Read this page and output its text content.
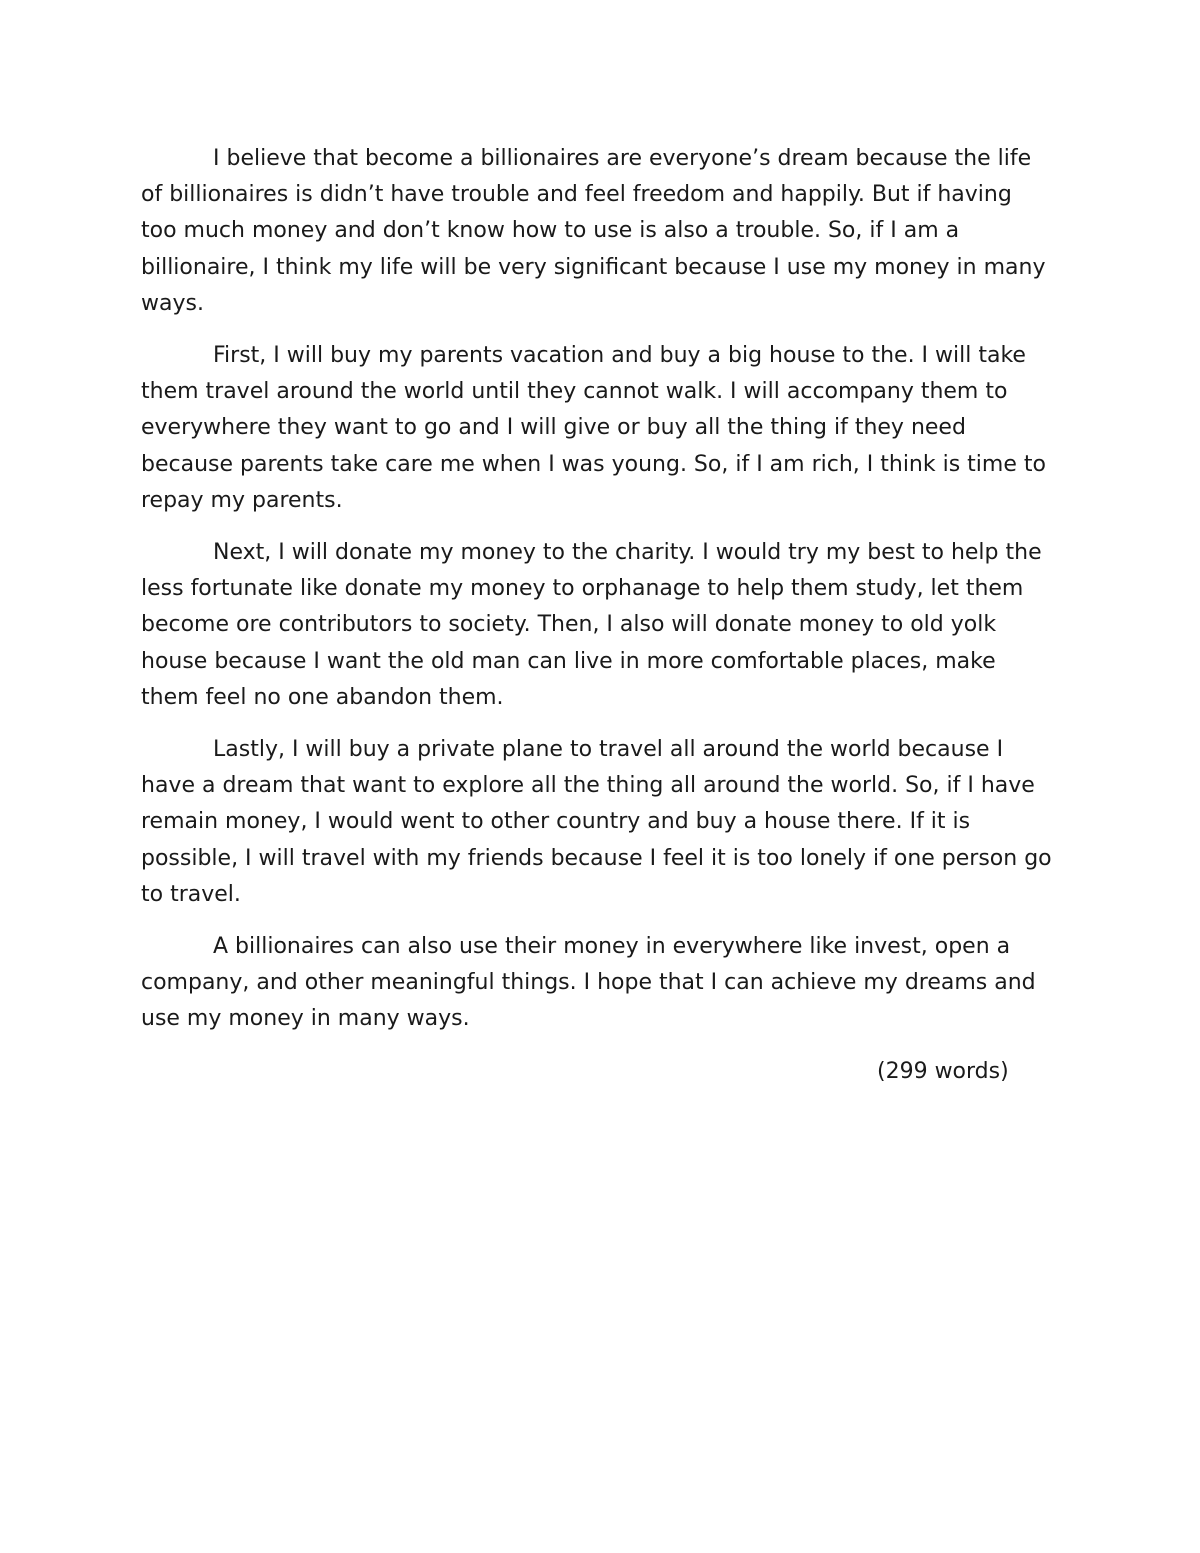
I believe that become a billionaires are everyone’s dream because the life
of billionaires is didn’t have trouble and feel freedom and happily. But if having
too much money and don’t know how to use is also a trouble. So, if I am a
billionaire, I think my life will be very significant because I use my money in many
ways.

First, I will buy my parents vacation and buy a big house to the. I will take
them travel around the world until they cannot walk. I will accompany them to
everywhere they want to go and I will give or buy all the thing if they need
because parents take care me when I was young. So, if I am rich, I think is time to
repay my parents.

Next, I will donate my money to the charity. I would try my best to help the
less fortunate like donate my money to orphanage to help them study, let them
become ore contributors to society. Then, I also will donate money to old yolk
house because I want the old man can live in more comfortable places, make
them feel no one abandon them.

Lastly, I will buy a private plane to travel all around the world because I
have a dream that want to explore all the thing all around the world. So, if I have
remain money, I would went to other country and buy a house there. If it is
possible, I will travel with my friends because I feel it is too lonely if one person go
to travel.

A billionaires can also use their money in everywhere like invest, open a
company, and other meaningful things. I hope that I can achieve my dreams and
use my money in many ways.

(299 words)
